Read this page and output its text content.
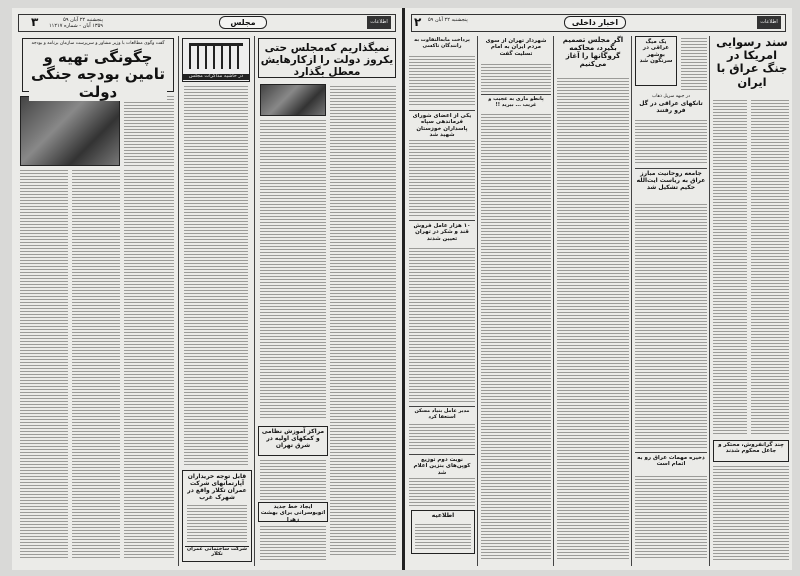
۳	پنجشنبه ۲۲ آبان ۵۹
۱۳۵۹ آبان - شماره ۱۱۲۱۷	مجلس	اطلاعات
نمیگذاریم که‌مجلس حتی یکروز دولت را ازکارهایش معطل بگذارد
مراکز آموزش نظامی و کمکهای اولیه در شرق تهران
ایجاد خط جدید اتوبوسرانی برای بهشت زهرا
در حاشیه مذاکرات مجلس
قابل توجه خریداران آپارتمانهای شرکت عمران تکلار واقع در شهرک غرب
شرکت ساختمانی عمران تکلار
گفت وگوی مطالعات با وزیر مشاور و سرپرست سازمان برنامه و بودجه
چگونگی تهیه و تامین بودجه جنگی دولت
۲ پنجشنبه ۲۲ آبان ۵۹	اخبار داخلی	اطلاعات
سند رسوایی امریکا در جنگ عراق با ایران
چند گرانفروش، محتکر و جاعل محکوم شدند
یک میگ عراقی در بوشهر سرنگون شد
در جبهه سرپل ذهاب
تانکهای عراقی در گل فرو رفتند
جامعه روحانیت مبارز عراق به ریاست ایت‌الله حکیم تشکیل شد
ذخیره مهمات عراق رو به اتمام است
اگر مجلس تصمیم بگیرد، محاکمه گروگانها را آغاز می‌کنیم
شهردار تهران از سوی مردم ایران به امام تسلیت گفت
پانطو ماری به عجیب و غریب ... بیرید !!
پرداخت مابه‌التفاوت به رانندگان تاکسی
یکی از اعضای شورای فرماندهی سپاه پاسداران خوزستان شهید شد
۱۰ هزار عامل فروش قند و شکر در تهران تعیین شدند
مدیر عامل بنیاد مسکن استعفا کرد
نوبت دوم توزیع کوپن‌های بنزین اعلام شد
اطلاعیه
